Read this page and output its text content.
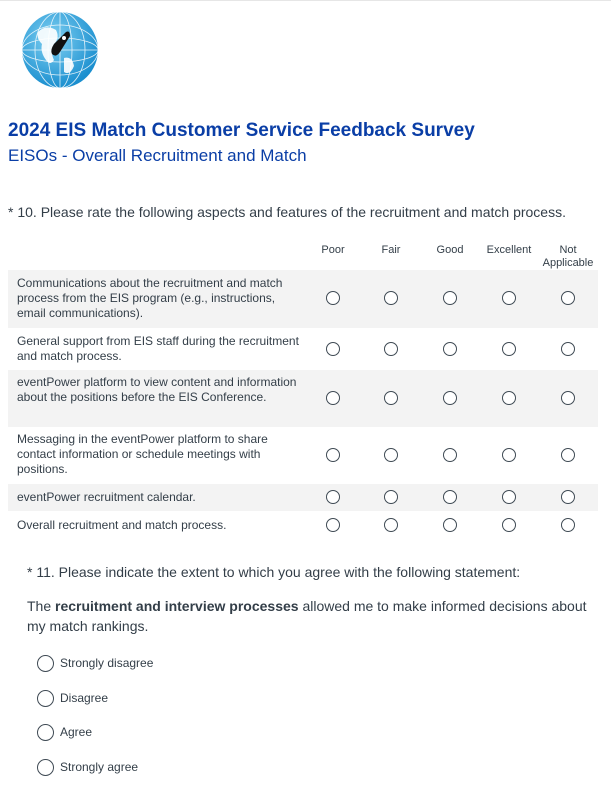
2024 EIS Match Customer Service Feedback Survey
EISOs - Overall Recruitment and Match
* 10. Please rate the following aspects and features of the recruitment and match process.
Poor	Fair	Good	Excellent	Not
Applicable
Communications about the recruitment and match process from the EIS program (e.g., instructions, email communications).
General support from EIS staff during the recruitment and match process.
eventPower platform to view content and information about the positions before the EIS Conference.
Messaging in the eventPower platform to share contact information or schedule meetings with positions.
eventPower recruitment calendar.
Overall recruitment and match process.
* 11. Please indicate the extent to which you agree with the following statement:
The recruitment and interview processes allowed me to make informed decisions about my match rankings.
Strongly disagree
Disagree
Agree
Strongly agree
